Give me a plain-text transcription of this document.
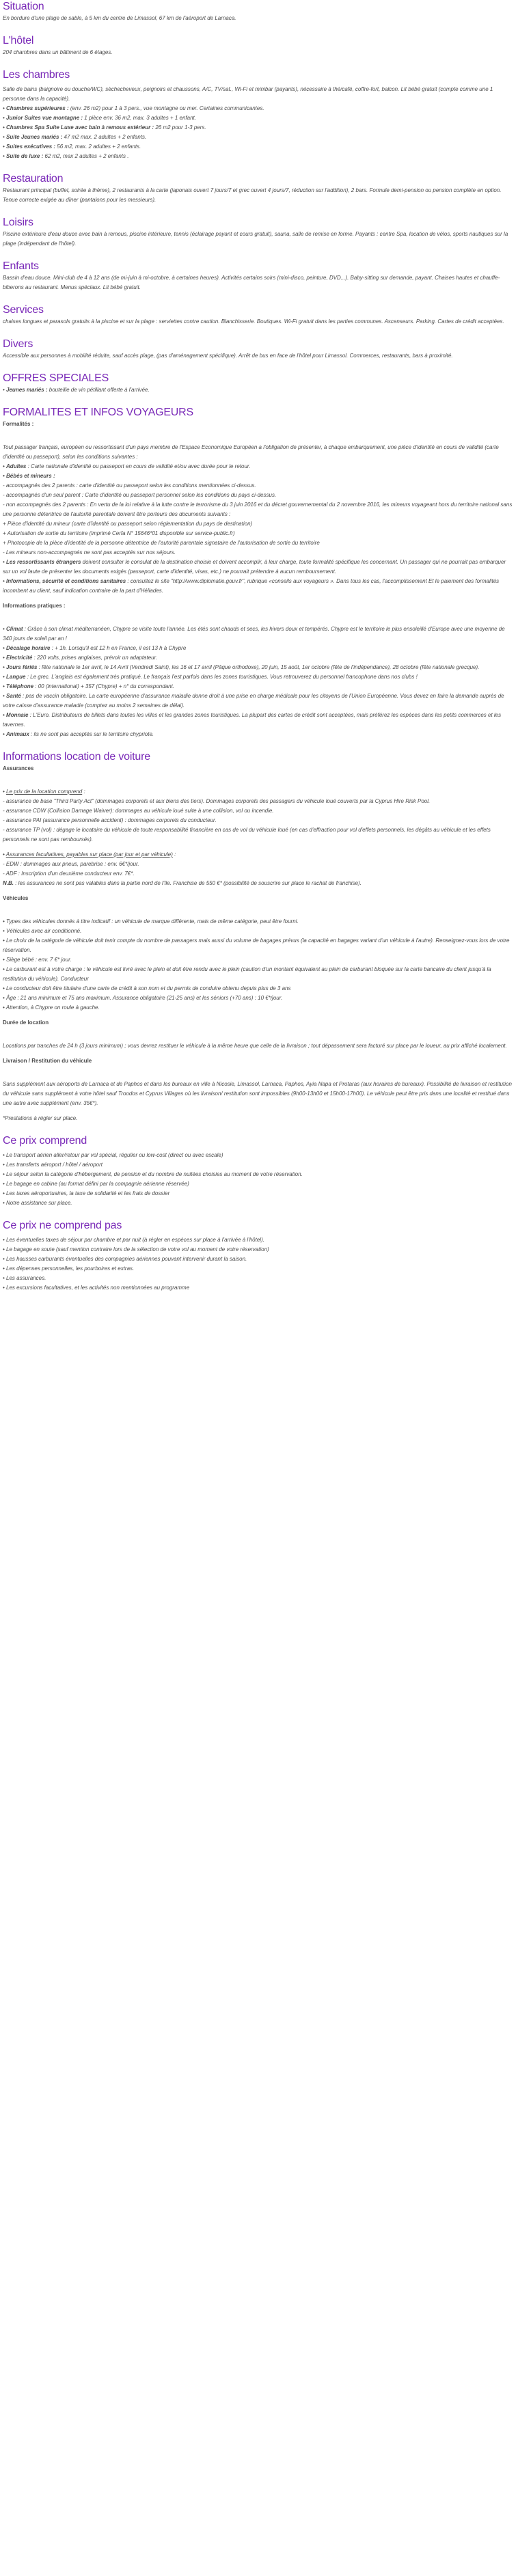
Situation

En bordure d'une plage de sable, à 5 km du centre de Limassol, 67 km de l'aéroport de Larnaca.

L'hôtel

204 chambres dans un bâtiment de 6 étages.

Les chambres

Salle de bains (baignoire ou douche/WC), sèchecheveux, peignoirs et chaussons, A/C, TV/sat., Wi-Fi et minibar (payants), nécessaire à thé/café, coffre-fort, balcon. Lit bébé gratuit (compte comme une 1 personne dans la capacité).

• Chambres supérieures : (env. 26 m2) pour 1 à 3 pers., vue montagne ou mer. Certaines communicantes.
• Junior Suites vue montagne : 1 pièce env. 36 m2, max. 3 adultes + 1 enfant.
• Chambres Spa Suite Luxe avec bain à remous extérieur : 26 m2 pour 1-3 pers.
• Suite Jeunes mariés : 47 m2 max. 2 adultes + 2 enfants.
• Suites exécutives : 56 m2, max. 2 adultes + 2 enfants.
• Suite de luxe : 62 m2, max 2 adultes + 2 enfants .
Restauration

Restaurant principal (buffet, soirée à thème), 2 restaurants à la carte (japonais ouvert 7 jours/7 et grec ouvert 4 jours/7, réduction sur l'addition), 2 bars. Formule demi-pension ou pension complète en option. Tenue correcte exigée au dîner (pantalons pour les messieurs).

Loisirs

Piscine extérieure d'eau douce avec bain à remous, piscine intérieure, tennis (éclairage payant et cours gratuit), sauna, salle de remise en forme. Payants : centre Spa, location de vélos, sports nautiques sur la plage (indépendant de l'hôtel).

Enfants

Bassin d'eau douce. Mini-club de 4 à 12 ans (de mi-juin à mi-octobre, à certaines heures). Activités certains soirs (mini-disco, peinture, DVD...). Baby-sitting sur demande, payant. Chaises hautes et chauffe-biberons au restaurant. Menus spéciaux. Lit bébé gratuit.

Services

chaises longues et parasols gratuits à la piscine et sur la plage : serviettes contre caution. Blanchisserie. Boutiques. Wi-Fi gratuit dans les parties communes. Ascenseurs. Parking. Cartes de crédit acceptées.

Divers

Accessible aux personnes à mobilité réduite, sauf accès plage, (pas d'aménagement spécifique). Arrêt de bus en face de l'hôtel pour Limassol. Commerces, restaurants, bars à proximité.

OFFRES SPECIALES

• Jeunes mariés : bouteille de vin pétillant offerte à l'arrivée.

FORMALITES ET INFOS VOYAGEURS
Formalités :

Tout passager français, européen ou ressortissant d'un pays membre de l'Espace Economique Européen a l'obligation de présenter, à chaque embarquement, une pièce d'identité en cours de validité (carte d'identité ou passeport), selon les conditions suivantes :

• Adultes : Carte nationale d'identité ou passeport en cours de validité et/ou avec durée pour le retour.

• Bébés et mineurs :

- accompagnés des 2 parents : carte d'identité ou passeport selon les conditions mentionnées ci-dessus.

- accompagnés d'un seul parent : Carte d'identité ou passeport personnel selon les conditions du pays ci-dessus.

- non accompagnés des 2 parents : En vertu de la loi relative à la lutte contre le terrorisme du 3 juin 2016 et du décret gouvernemental du 2 novembre 2016, les mineurs voyageant hors du territoire national sans une personne détentrice de l'autorité parentale doivent être porteurs des documents suivants :

+ Pièce d'identité du mineur (carte d'identité ou passeport selon réglementation du pays de destination)

+ Autorisation de sortie du territoire (imprimé Cerfa N° 15646*01 disponible sur service-public.fr)

+ Photocopie de la pièce d'identité de la personne détentrice de l'autorité parentale signataire de l'autorisation de sortie du territoire

- Les mineurs non-accompagnés ne sont pas acceptés sur nos séjours.

• Les ressortissants étrangers doivent consulter le consulat de la destination choisie et doivent accomplir, à leur charge, toute formalité spécifique les concernant. Un passager qui ne pourrait pas embarquer sur un vol faute de présenter les documents exigés (passeport, carte d'identité, visas, etc.) ne pourrait prétendre à aucun remboursement.

• Informations, sécurité et conditions sanitaires : consultez le site "http://www.diplomatie.gouv.fr", rubrique «conseils aux voyageurs ». Dans tous les cas, l'accomplissement Et le paiement des formalités incombent au client, sauf indication contraire de la part d'Héliades.

Informations pratiques :
• Climat : Grâce à son climat méditerranéen, Chypre se visite toute l'année. Les étés sont chauds et secs, les hivers doux et tempérés. Chypre est le territoire le plus ensoleillé d'Europe avec une moyenne de 340 jours de soleil par an !
• Décalage horaire : + 1h. Lorsqu'il est 12 h en France, il est 13 h à Chypre
• Electricité : 220 volts, prises anglaises, prévoir un adaptateur.
• Jours fériés : fête nationale le 1er avril, le 14 Avril (Vendredi Saint), les 16 et 17 avril (Pâque orthodoxe), 20 juin, 15 août, 1er octobre (fête de l'indépendance), 28 octobre (fête nationale grecque).
• Langue : Le grec. L'anglais est également très pratiqué. Le français l'est parfois dans les zones touristiques. Vous retrouverez du personnel francophone dans nos clubs !
• Téléphone : 00 (international) + 357 (Chypre) + n° du correspondant.
• Santé : pas de vaccin obligatoire. La carte européenne d'assurance maladie donne droit à une prise en charge médicale pour les citoyens de l'Union Européenne. Vous devez en faire la demande auprès de votre caisse d'assurance maladie (comptez au moins 2 semaines de délai).
• Monnaie : L'Euro. Distributeurs de billets dans toutes les villes et les grandes zones touristiques. La plupart des cartes de crédit sont acceptées, mais préférez les espèces dans les petits commerces et les tavernes.
• Animaux : ils ne sont pas acceptés sur le territoire chypriote.
Informations location de voiture
Assurances

• Le prix de la location comprend :

- assurance de base "Third Party Act" (dommages corporels et aux biens des tiers). Dommages corporels des passagers du véhicule loué couverts par la Cyprus Hire Risk Pool.

- assurance CDW (Collision Damage Waiver): dommages au véhicule loué suite à une collision, vol ou incendie.

- assurance PAI (assurance personnelle accident) : dommages corporels du conducteur.

- assurance TP (vol) : dégage le locataire du véhicule de toute responsabilité financière en cas de vol du véhicule loué (en cas d'effraction pour vol d'effets personnels, les dégâts au véhicule et les effets personnels ne sont pas remboursés).

• Assurances facultatives, payables sur place (par jour et par véhicule) :

- EDW : dommages aux pneus, parebrise : env. 6€*/jour.

- ADF : Inscription d'un deuxième conducteur env. 7€*.

N.B. : les assurances ne sont pas valables dans la partie nord de l'île. Franchise de 550 €* (possibilité de souscrire sur place le rachat de franchise).

Véhicules
• Types des véhicules donnés à titre indicatif : un véhicule de marque différente, mais de même catégorie, peut être fourni.
• Véhicules avec air conditionné.
• Le choix de la catégorie de véhicule doit tenir compte du nombre de passagers mais aussi du volume de bagages prévus (la capacité en bagages variant d'un véhicule à l'autre). Renseignez-vous lors de votre réservation.
• Siège bébé : env. 7 €* jour.
• Le carburant est à votre charge : le véhicule est livré avec le plein et doit être rendu avec le plein (caution d'un montant équivalent au plein de carburant bloquée sur la carte bancaire du client jusqu'à la restitution du véhicule). Conducteur
• Le conducteur doit être titulaire d'une carte de crédit à son nom et du permis de conduire obtenu depuis plus de 3 ans
• Âge : 21 ans minimum et 75 ans maximum. Assurance obligatoire (21-25 ans) et les séniors (+70 ans) : 10 €*/jour.
• Attention, à Chypre on roule à gauche.
Durée de location

Locations par tranches de 24 h (3 jours minimum) ; vous devrez restituer le véhicule à la même heure que celle de la livraison ; tout dépassement sera facturé sur place par le loueur, au prix affiché localement.

Livraison / Restitution du véhicule

Sans supplément aux aéroports de Larnaca et de Paphos et dans les bureaux en ville à Nicosie, Limassol, Larnaca, Paphos, Ayia Napa et Protaras (aux horaires de bureaux). Possibilité de livraison et restitution du véhicule sans supplément à votre hôtel sauf Troodos et Cyprus Villages où les livraison/ restitution sont impossibles (9h00-13h00 et 15h00-17h00). Le véhicule peut être pris dans une localité et restitué dans une autre avec supplément (env. 35€*).

*Prestations à régler sur place.

Ce prix comprend
• Le transport aérien aller/retour par vol spécial, régulier ou low-cost (direct ou avec escale)
• Les transferts aéroport / hôtel / aéroport
• Le séjour selon la catégorie d'hébergement, de pension et du nombre de nuitées choisies au moment de votre réservation.
• Le bagage en cabine (au format défini par la compagnie aérienne réservée)
• Les taxes aéroportuaires, la taxe de solidarité et les frais de dossier
• Notre assistance sur place.
Ce prix ne comprend pas
• Les éventuelles taxes de séjour par chambre et par nuit (à régler en espèces sur place à l'arrivée à l'hôtel).
• Le bagage en soute (sauf mention contraire lors de la sélection de votre vol au moment de votre réservation)
• Les hausses carburants éventuelles des compagnies aériennes pouvant intervenir durant la saison.
• Les dépenses personnelles, les pourboires et extras.
• Les assurances.
• Les excursions facultatives, et les activités non mentionnées au programme
